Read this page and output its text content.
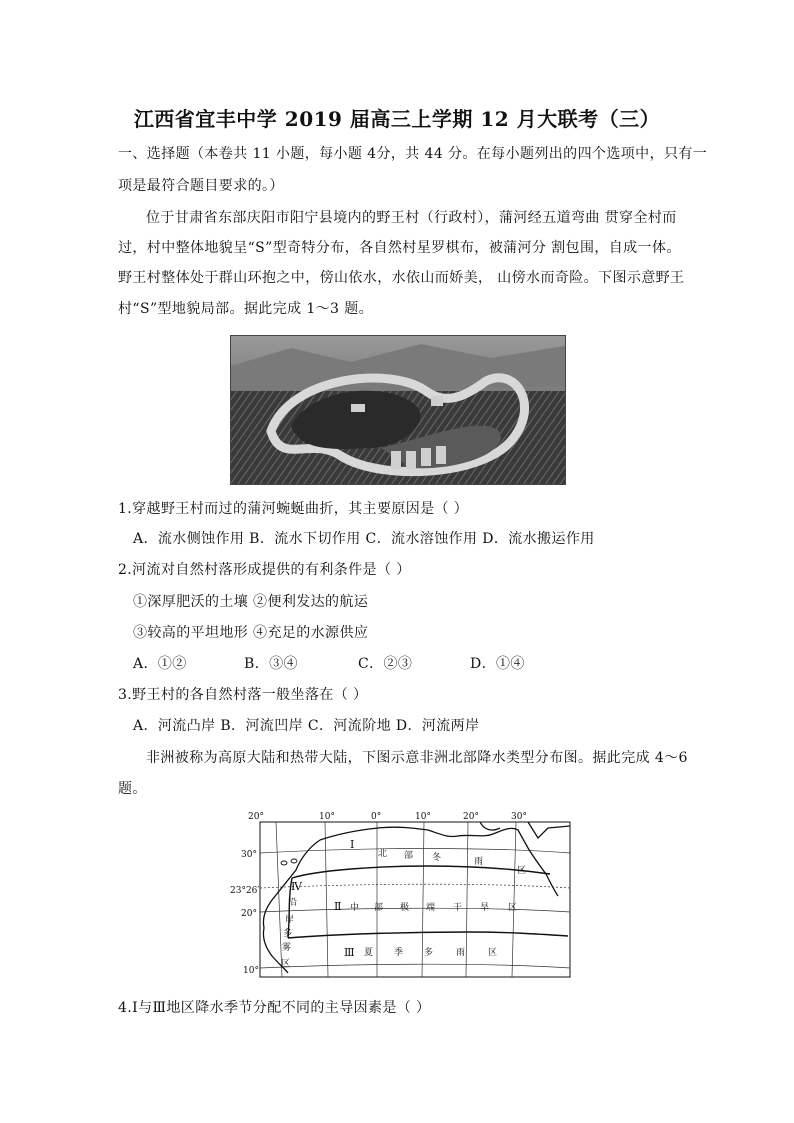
江西省宜丰中学 2019 届高三上学期 12 月大联考（三）
一、选择题（本卷共 11 小题，每小题 4分，共 44 分。在每小题列出的四个选项中，只有一
项是最符合题目要求的。）
位于甘肃省东部庆阳市阳宁县境内的野王村（行政村），蒲河经五道弯曲 贯穿全村而
过，村中整体地貌呈“S”型奇特分布，各自然村星罗棋布，被蒲河分 割包围，自成一体。
野王村整体处于群山环抱之中，傍山依水，水依山而娇美， 山傍水而奇险。下图示意野王
村“S”型地貌局部。据此完成 1～3 题。
1.穿越野王村而过的蒲河蜿蜒曲折，其主要原因是（ ）
A．流水侧蚀作用 B．流水下切作用 C．流水溶蚀作用 D．流水搬运作用
2.河流对自然村落形成提供的有利条件是（ ）
①深厚肥沃的土壤 ②便利发达的航运
③较高的平坦地形 ④充足的水源供应
A．①②	B．③④	C．②③	D．①④
3.野王村的各自然村落一般坐落在（ ）
A．河流凸岸 B．河流凹岸 C．河流阶地 D．河流两岸
非洲被称为高原大陆和热带大陆，下图示意非洲北部降水类型分布图。据此完成 4～6
题。
20°	10°	0°	10°	20°	30°
30°
23°26′
20°
10°
Ⅰ
北 部 冬	雨
区
Ⅱ 中 部 极 端 干 旱 区
Ⅲ 夏 季 多	雨	区
Ⅳ
沿
岸
多
雾
区
4.Ⅰ与Ⅲ地区降水季节分配不同的主导因素是（ ）
